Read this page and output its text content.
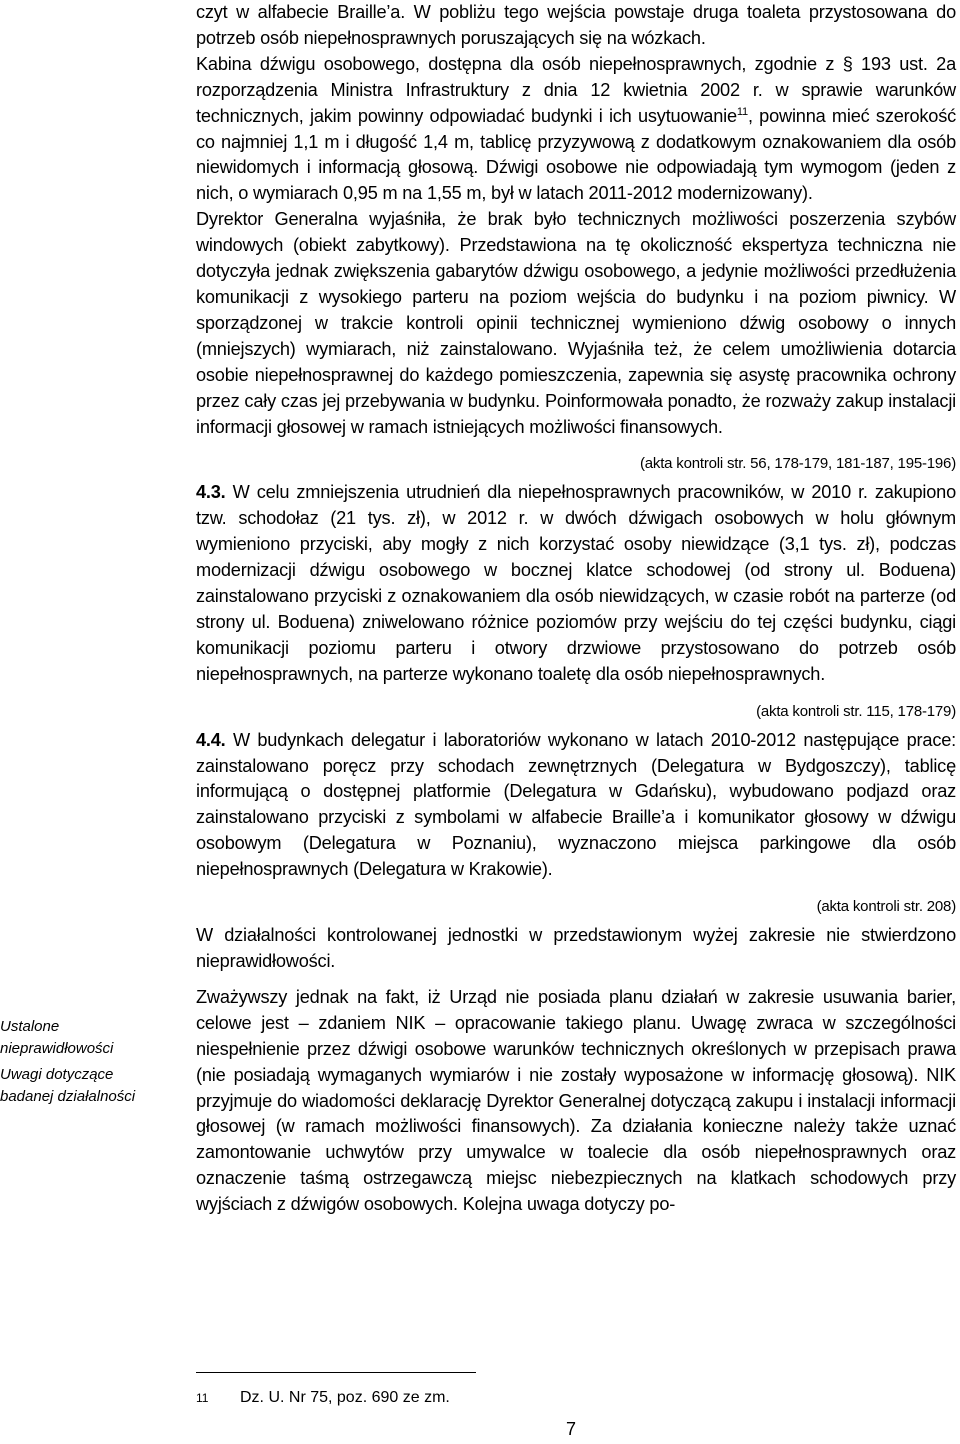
Ustalone nieprawidłowości

Uwagi dotyczące badanej działalności

czyt w alfabecie Braille’a. W pobliżu tego wejścia powstaje druga toaleta przystosowana do potrzeb osób niepełnosprawnych poruszających się na wózkach.

Kabina dźwigu osobowego, dostępna dla osób niepełnosprawnych, zgodnie z § 193 ust. 2a rozporządzenia Ministra Infrastruktury z dnia 12 kwietnia 2002 r. w sprawie warunków technicznych, jakim powinny odpowiadać budynki i ich usytuowanie$^{11}$, powinna mieć szerokość co najmniej 1,1 m i długość 1,4 m, tablicę przyzywową z dodatkowym oznakowaniem dla osób niewidomych i informacją głosową. Dźwigi osobowe nie odpowiadają tym wymogom (jeden z nich, o wymiarach 0,95 m na 1,55 m, był w latach 2011-2012 modernizowany).

Dyrektor Generalna wyjaśniła, że brak było technicznych możliwości poszerzenia szybów windowych (obiekt zabytkowy). Przedstawiona na tę okoliczność ekspertyza techniczna nie dotyczyła jednak zwiększenia gabarytów dźwigu osobowego, a jedynie możliwości przedłużenia komunikacji z wysokiego parteru na poziom wejścia do budynku i na poziom piwnicy. W sporządzonej w trakcie kontroli opinii technicznej wymieniono dźwig osobowy o innych (mniejszych) wymiarach, niż zainstalowano. Wyjaśniła też, że celem umożliwienia dotarcia osobie niepełnosprawnej do każdego pomieszczenia, zapewnia się asystę pracownika ochrony przez cały czas jej przebywania w budynku. Poinformowała ponadto, że rozważy zakup instalacji informacji głosowej w ramach istniejących możliwości finansowych.

(akta kontroli str. 56, 178-179, 181-187, 195-196)

4.3. W celu zmniejszenia utrudnień dla niepełnosprawnych pracowników, w 2010 r. zakupiono tzw. schodołaz (21 tys. zł), w 2012 r. w dwóch dźwigach osobowych w holu głównym wymieniono przyciski, aby mogły z nich korzystać osoby niewidzące (3,1 tys. zł), podczas modernizacji dźwigu osobowego w bocznej klatce schodowej (od strony ul. Boduena) zainstalowano przyciski z oznakowaniem dla osób niewidzących, w czasie robót na parterze (od strony ul. Boduena) zniwelowano różnice poziomów przy wejściu do tej części budynku, ciągi komunikacji poziomu parteru i otwory drzwiowe przystosowano do potrzeb osób niepełnosprawnych, na parterze wykonano toaletę dla osób niepełnosprawnych.

(akta kontroli str. 115, 178-179)

4.4. W budynkach delegatur i laboratoriów wykonano w latach 2010-2012 następujące prace: zainstalowano poręcz przy schodach zewnętrznych (Delegatura w Bydgoszczy), tablicę informującą o dostępnej platformie (Delegatura w Gdańsku), wybudowano podjazd oraz zainstalowano przyciski z symbolami w alfabecie Braille’a i komunikator głosowy w dźwigu osobowym (Delegatura w Poznaniu), wyznaczono miejsca parkingowe dla osób niepełnosprawnych (Delegatura w Krakowie).

(akta kontroli str. 208)

W działalności kontrolowanej jednostki w przedstawionym wyżej zakresie nie stwierdzono nieprawidłowości.

Zważywszy jednak na fakt, iż Urząd nie posiada planu działań w zakresie usuwania barier, celowe jest – zdaniem NIK – opracowanie takiego planu. Uwagę zwraca w szczególności niespełnienie przez dźwigi osobowe warunków technicznych określonych w przepisach prawa (nie posiadają wymaganych wymiarów i nie zostały wyposażone w informację głosową). NIK przyjmuje do wiadomości deklarację Dyrektor Generalnej dotyczącą zakupu i instalacji informacji głosowej (w ramach możliwości finansowych). Za działania konieczne należy także uznać zamontowanie uchwytów przy umywalce w toalecie dla osób niepełnosprawnych oraz oznaczenie taśmą ostrzegawczą miejsc niebezpiecznych na klatkach schodowych przy wyjściach z dźwigów osobowych. Kolejna uwaga dotyczy po-

11 Dz. U. Nr 75, poz. 690 ze zm.
7
